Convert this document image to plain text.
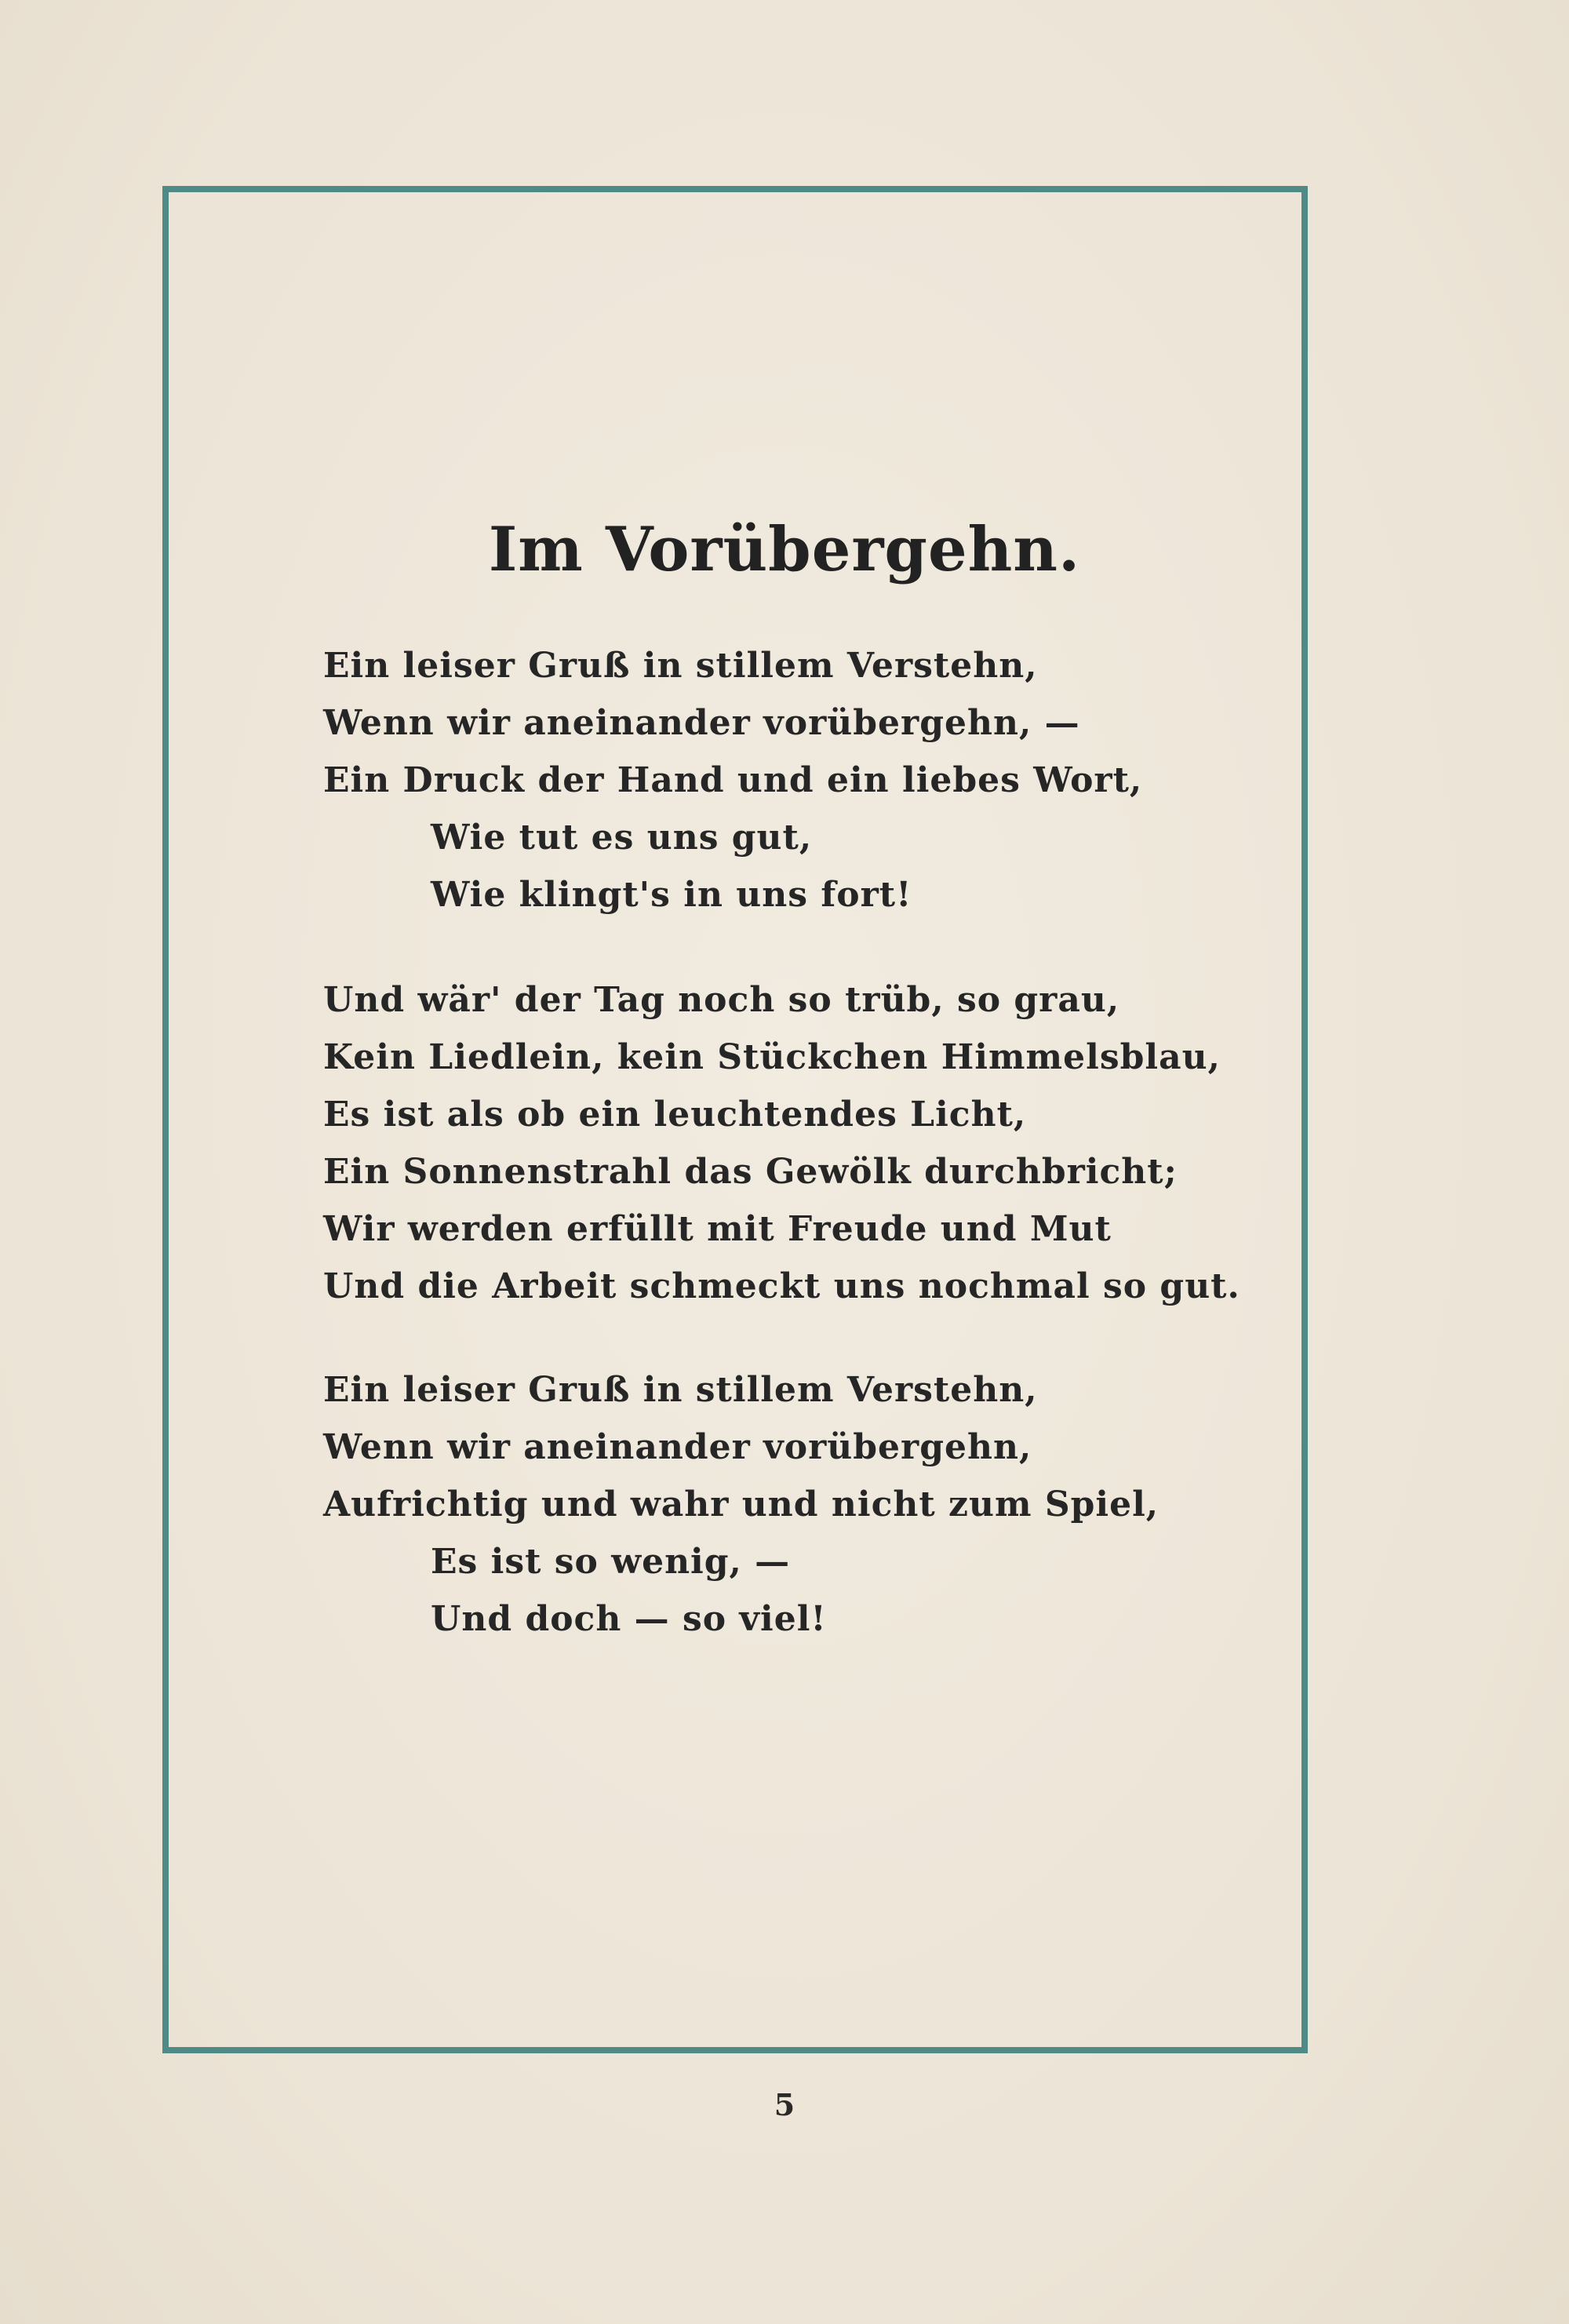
Im Vorübergehn.
Ein leiser Gruß in stillem Verstehn,
Wenn wir aneinander vorübergehn, —
Ein Druck der Hand und ein liebes Wort,
Wie tut es uns gut,
Wie klingt's in uns fort!
Und wär' der Tag noch so trüb, so grau,
Kein Liedlein, kein Stückchen Himmelsblau,
Es ist als ob ein leuchtendes Licht,
Ein Sonnenstrahl das Gewölk durchbricht;
Wir werden erfüllt mit Freude und Mut
Und die Arbeit schmeckt uns nochmal so gut.
Ein leiser Gruß in stillem Verstehn,
Wenn wir aneinander vorübergehn,
Aufrichtig und wahr und nicht zum Spiel,
Es ist so wenig, —
Und doch — so viel!
5
